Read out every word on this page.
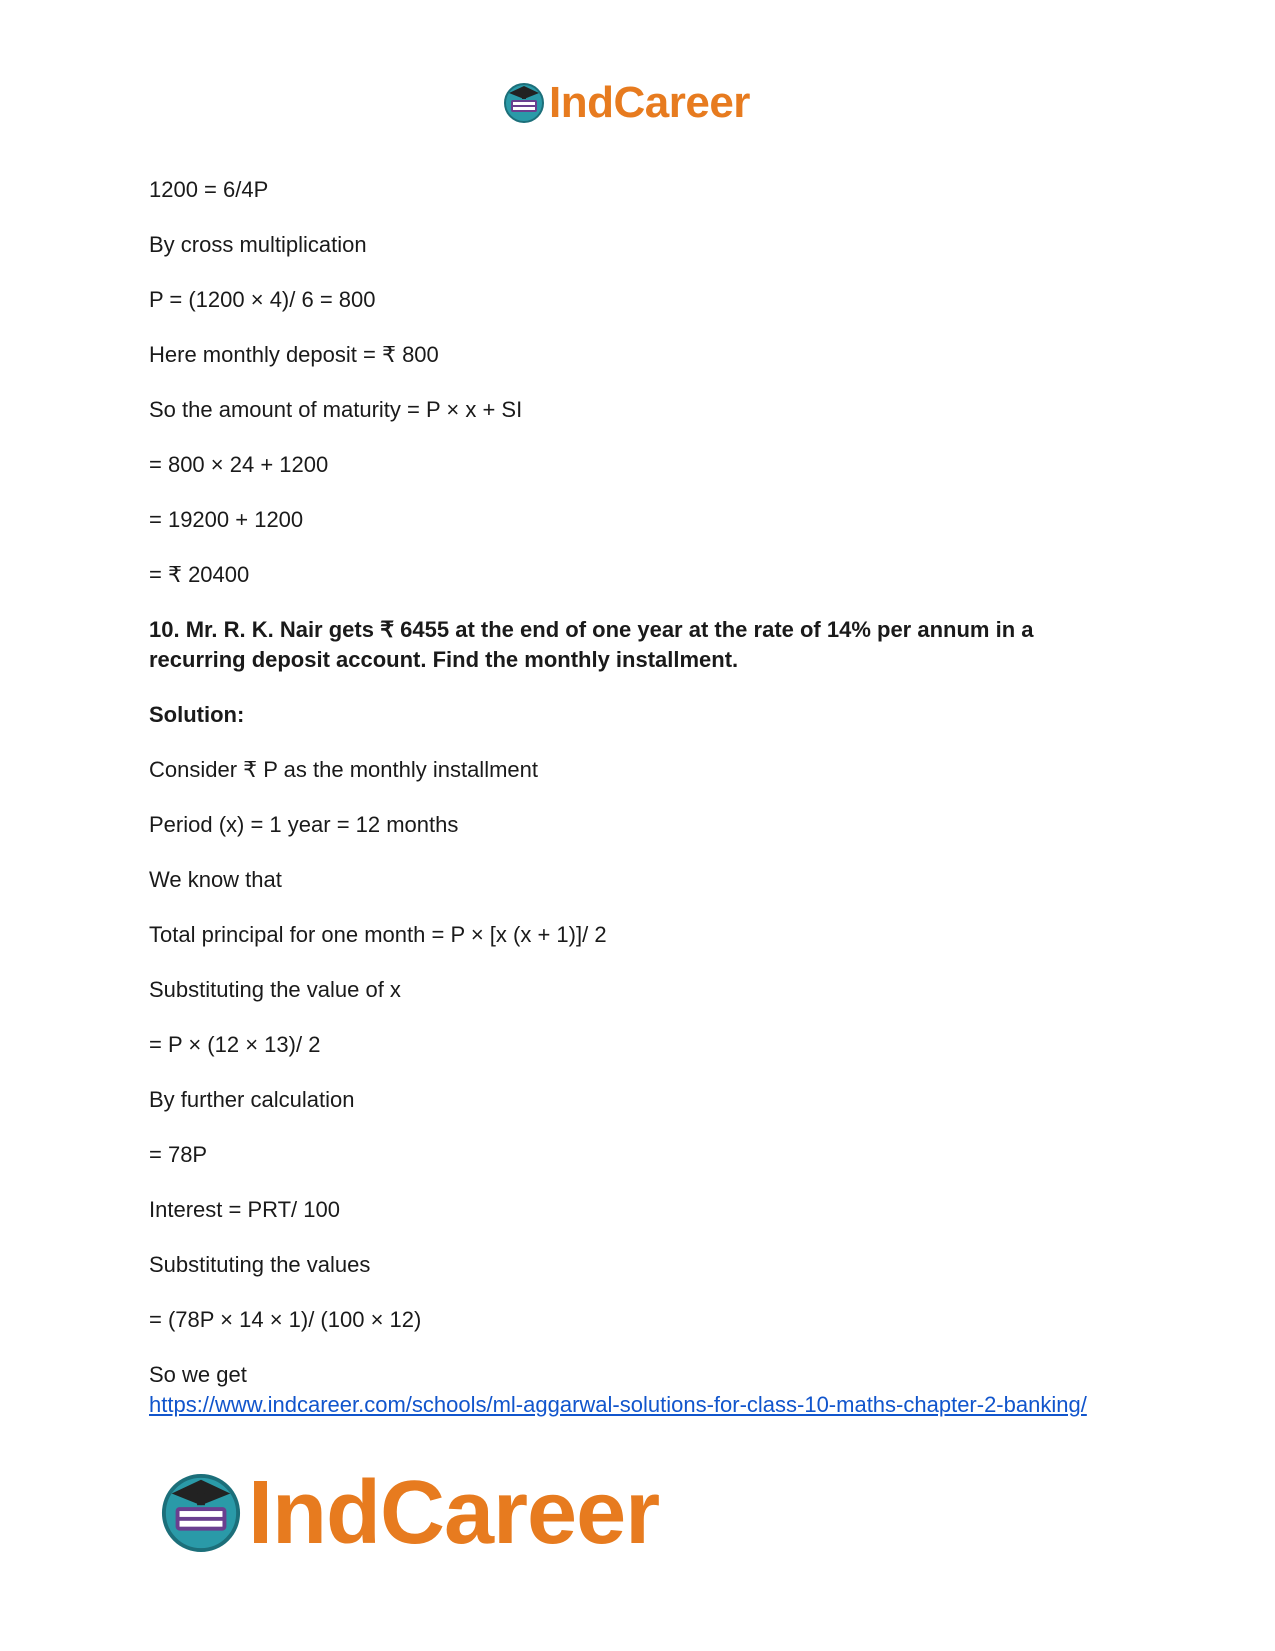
IndCareer

1200 = 6/4P

By cross multiplication

P = (1200 × 4)/ 6 = 800

Here monthly deposit = ₹ 800

So the amount of maturity = P × x + SI

= 800 × 24 + 1200

= 19200 + 1200

= ₹ 20400

10. Mr. R. K. Nair gets ₹ 6455 at the end of one year at the rate of 14% per annum in a recurring deposit account. Find the monthly installment.

Solution:

Consider ₹ P as the monthly installment

Period (x) = 1 year = 12 months

We know that

Total principal for one month = P × [x (x + 1)]/ 2

Substituting the value of x

= P × (12 × 13)/ 2

By further calculation

= 78P

Interest = PRT/ 100

Substituting the values

= (78P × 14 × 1)/ (100 × 12)

So we get

https://www.indcareer.com/schools/ml-aggarwal-solutions-for-class-10-maths-chapter-2-banking/
IndCareer
